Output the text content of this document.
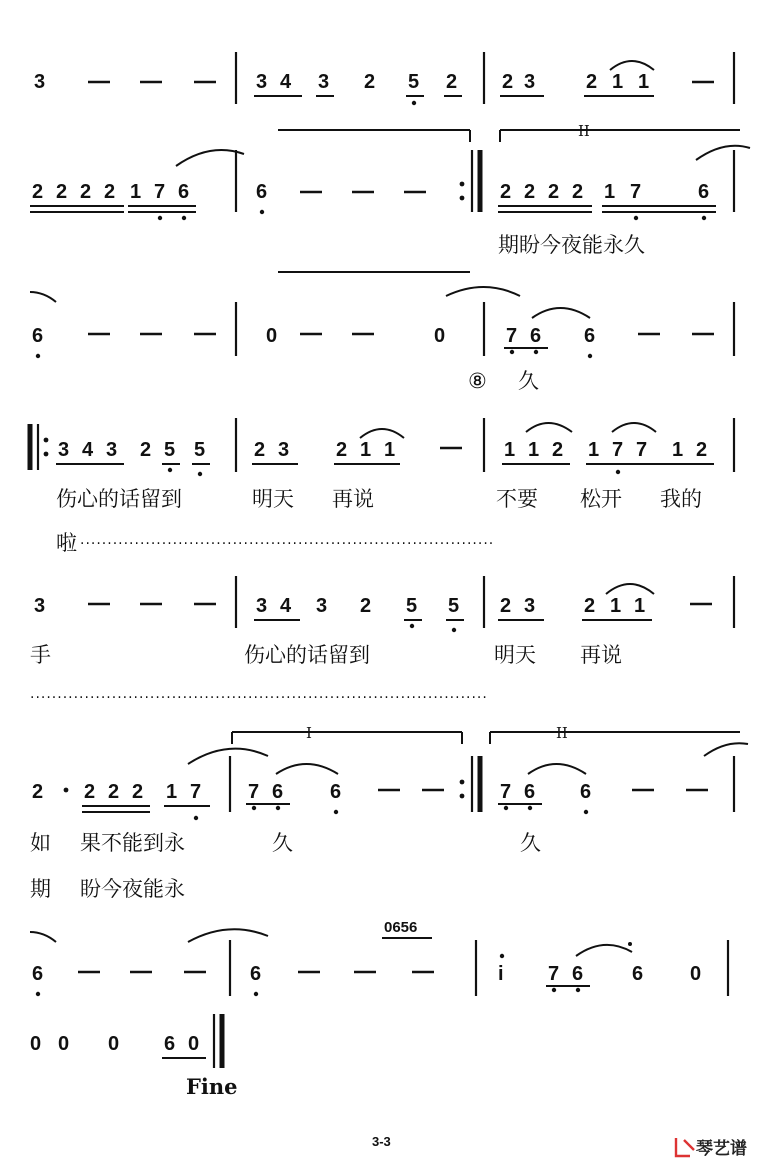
3	3 4 3 2 5 2 2 3	2 1 1
II
2 2 2 2 1 7 6	6	2 2 2 2 1 7	6
期盼今夜能永久
6	0	0	7 6 6
⑧ 久
3 4 3 2 5 5 2 3 2 1 1	1 1 2 1 7 7 1 2
伤心的话留到	明天 再说	不要 松开 我的
啦 ............................................................................
3	3 4 3 2 5 5 2 3 2 1 1
手	伤心的话留到	明天 再说
....................................................................................
I	II
2 2 2 2 1 7 7 6 6	7 6 6
如 果不能到永	久	久
期 盼今夜能永
0656
6	6	i 7 6 6 0
0 0 0 6 0
Fine
3-3	琴艺谱
